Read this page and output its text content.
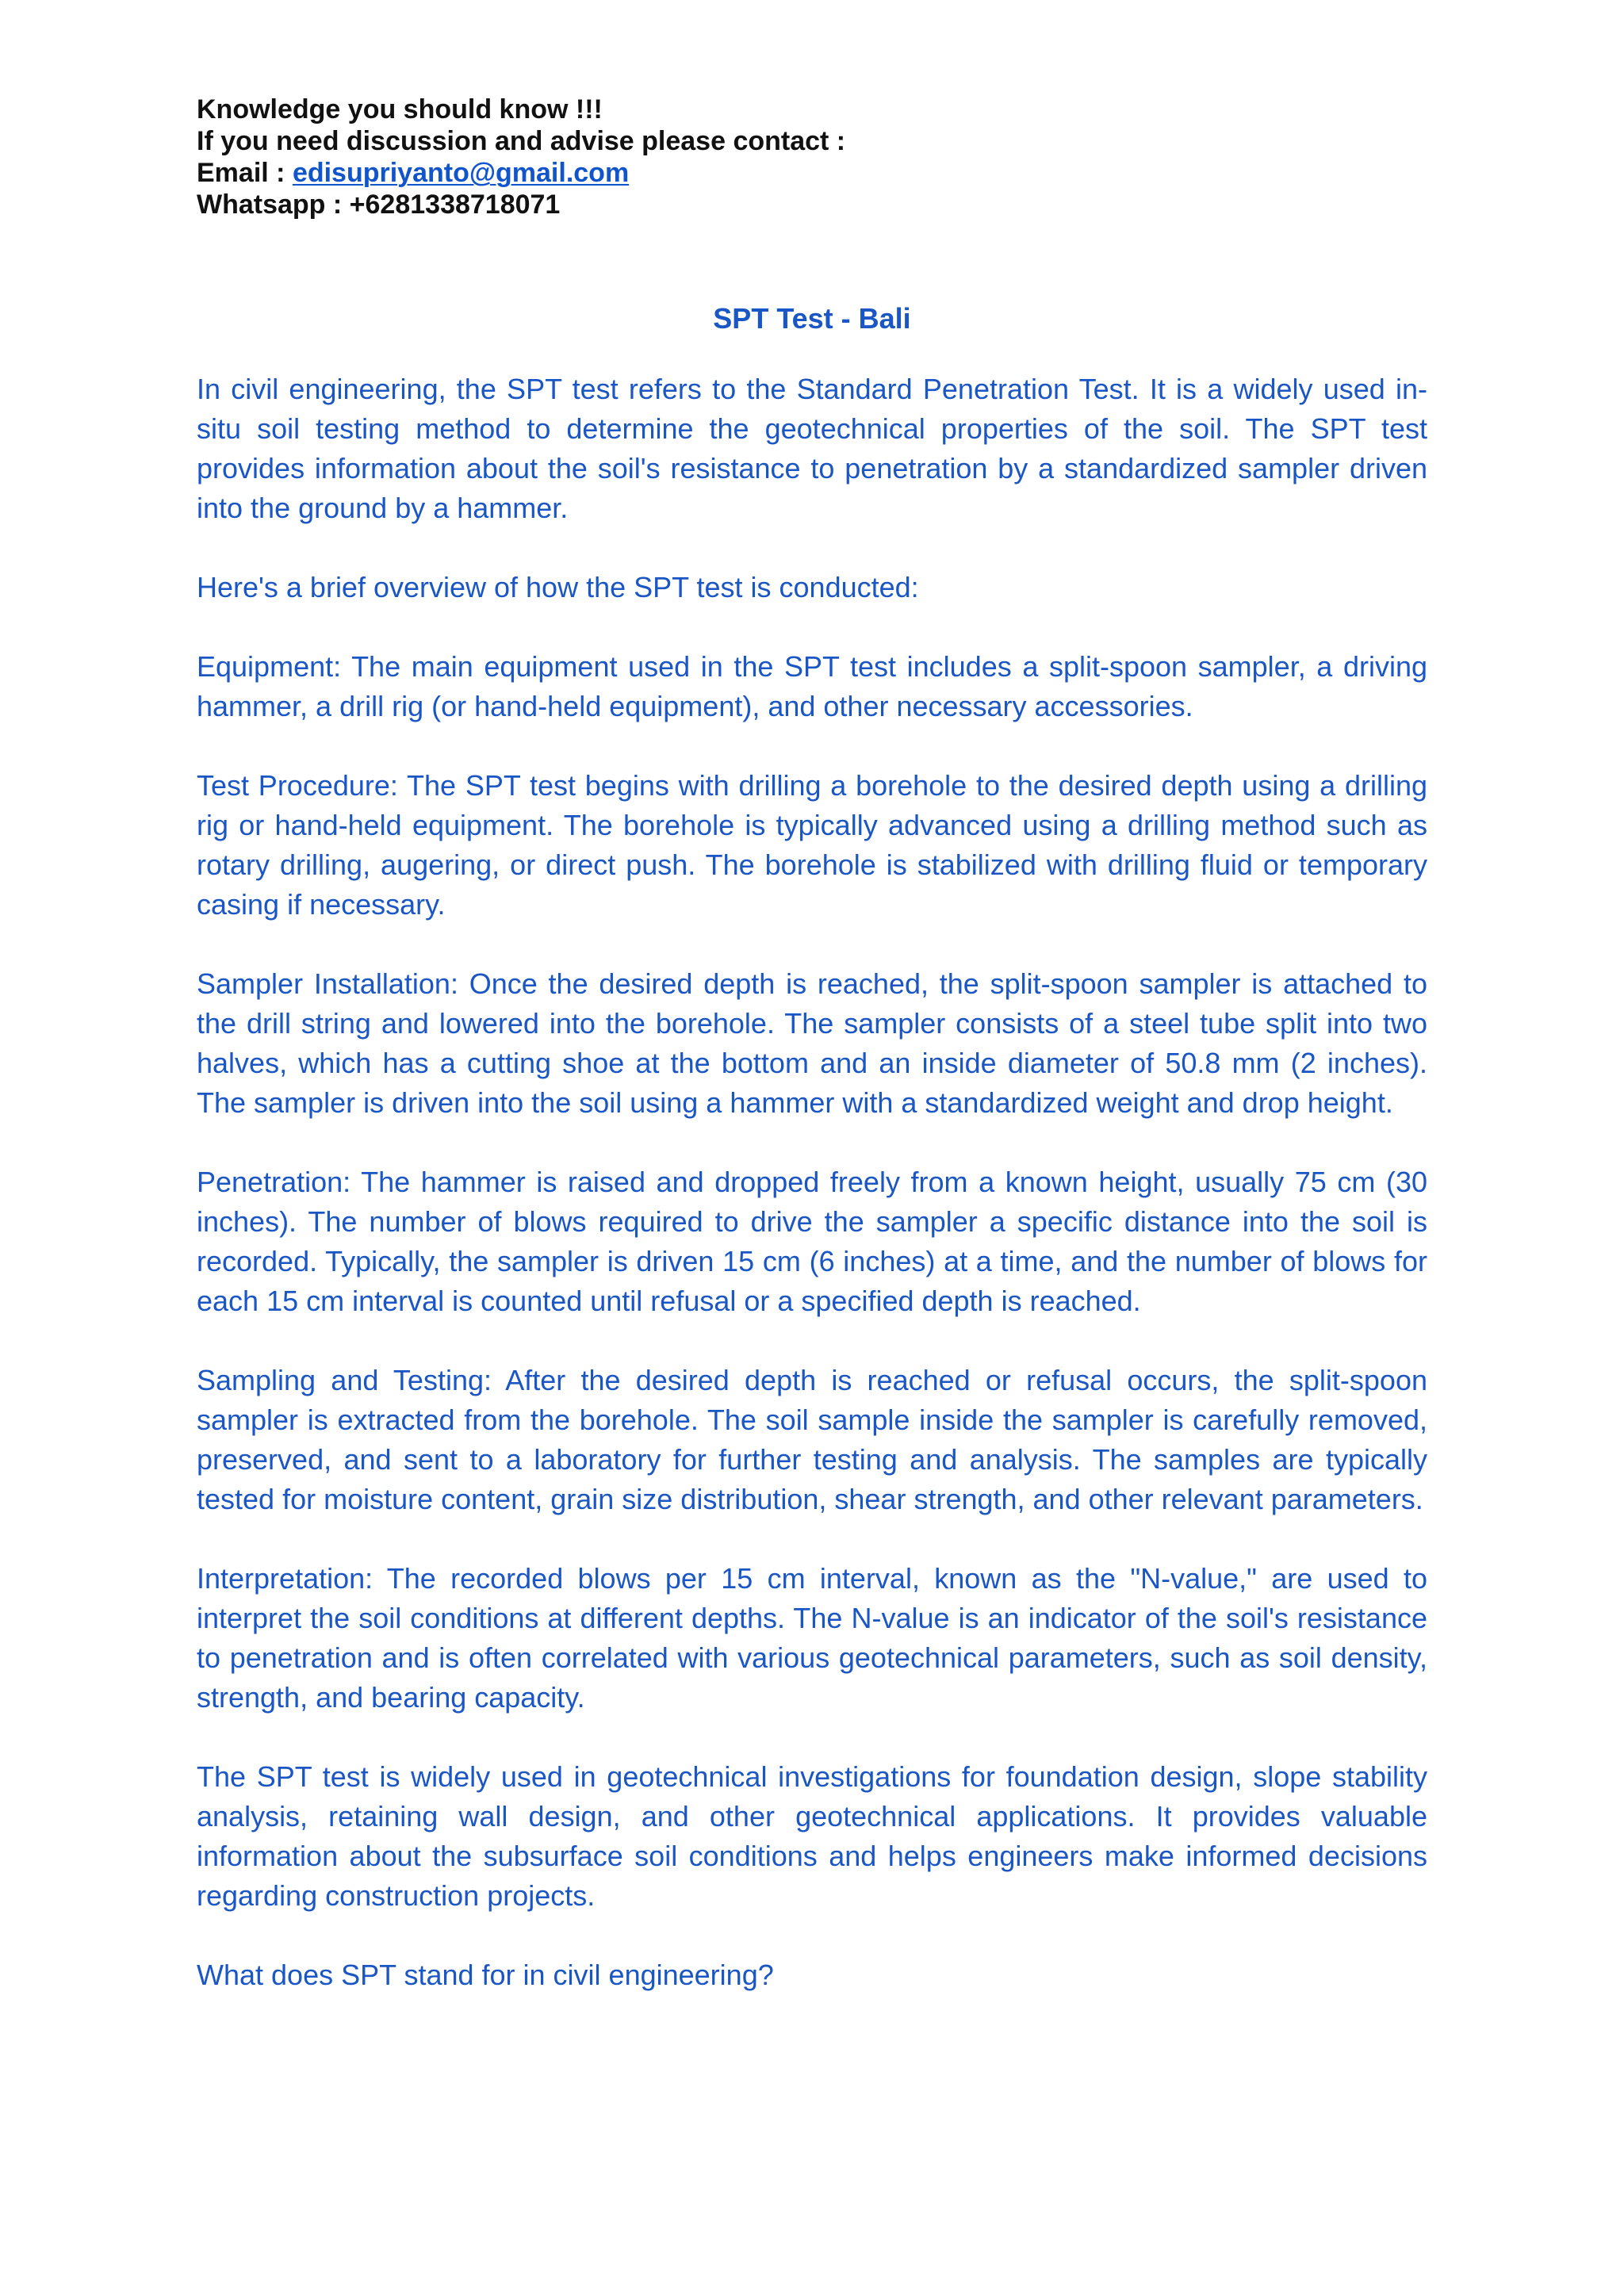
Knowledge you should know !!!
If you need discussion and advise please contact :
Email : edisupriyanto@gmail.com
Whatsapp : +6281338718071
SPT Test - Bali

In civil engineering, the SPT test refers to the Standard Penetration Test. It is a widely used in-situ soil testing method to determine the geotechnical properties of the soil. The SPT test provides information about the soil's resistance to penetration by a standardized sampler driven into the ground by a hammer.

Here's a brief overview of how the SPT test is conducted:

Equipment: The main equipment used in the SPT test includes a split-spoon sampler, a driving hammer, a drill rig (or hand-held equipment), and other necessary accessories.

Test Procedure: The SPT test begins with drilling a borehole to the desired depth using a drilling rig or hand-held equipment. The borehole is typically advanced using a drilling method such as rotary drilling, augering, or direct push. The borehole is stabilized with drilling fluid or temporary casing if necessary.

Sampler Installation: Once the desired depth is reached, the split-spoon sampler is attached to the drill string and lowered into the borehole. The sampler consists of a steel tube split into two halves, which has a cutting shoe at the bottom and an inside diameter of 50.8 mm (2 inches). The sampler is driven into the soil using a hammer with a standardized weight and drop height.

Penetration: The hammer is raised and dropped freely from a known height, usually 75 cm (30 inches). The number of blows required to drive the sampler a specific distance into the soil is recorded. Typically, the sampler is driven 15 cm (6 inches) at a time, and the number of blows for each 15 cm interval is counted until refusal or a specified depth is reached.

Sampling and Testing: After the desired depth is reached or refusal occurs, the split-spoon sampler is extracted from the borehole. The soil sample inside the sampler is carefully removed, preserved, and sent to a laboratory for further testing and analysis. The samples are typically tested for moisture content, grain size distribution, shear strength, and other relevant parameters.

Interpretation: The recorded blows per 15 cm interval, known as the "N-value," are used to interpret the soil conditions at different depths. The N-value is an indicator of the soil's resistance to penetration and is often correlated with various geotechnical parameters, such as soil density, strength, and bearing capacity.

The SPT test is widely used in geotechnical investigations for foundation design, slope stability analysis, retaining wall design, and other geotechnical applications. It provides valuable information about the subsurface soil conditions and helps engineers make informed decisions regarding construction projects.

What does SPT stand for in civil engineering?
